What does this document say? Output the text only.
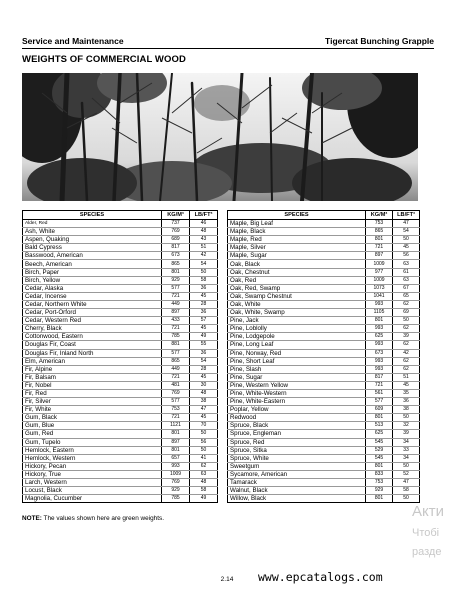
Service and Maintenance	Tigercat Bunching Grapple
WEIGHTS OF COMMERCIAL WOOD
SPECIES	KG/M³	LB/FT³
Alder, Red	737	46
Ash, White	769	48
Aspen, Quaking	689	43
Bald Cypress	817	51
Basswood, American	673	42
Beech, American	865	54
Birch, Paper	801	50
Birch, Yellow	929	58
Cedar, Alaska	577	36
Cedar, Incense	721	45
Cedar, Northern White	449	28
Cedar, Port-Orford	897	36
Cedar, Western Red	433	57
Cherry, Black	721	45
Cottonwood, Eastern	785	49
Douglas Fir, Coast	881	55
Douglas Fir, Inland North	577	36
Elm, American	865	54
Fir, Alpine	449	28
Fir, Balsam	721	45
Fir, Nobel	481	30
Fir, Red	769	48
Fir, Silver	577	38
Fir, White	753	47
Gum, Black	721	45
Gum, Blue	1121	70
Gum, Red	801	50
Gum, Tupelo	897	56
Hemlock, Eastern	801	50
Hemlock, Western	657	41
Hickory, Pecan	993	62
Hickory, True	1009	63
Larch, Western	769	48
Locust, Black	929	58
Magnolia, Cucumber	785	49
SPECIES	KG/M³	LB/FT³
Maple, Big Leaf	753	47
Maple, Black	865	54
Maple, Red	801	50
Maple, Silver	721	45
Maple, Sugar	897	56
Oak, Black	1009	63
Oak, Chestnut	977	61
Oak, Red	1009	63
Oak, Red, Swamp	1073	67
Oak, Swamp Chestnut	1041	65
Oak, White	993	62
Oak, White, Swamp	1105	69
Pine, Jack	801	50
Pine, Loblolly	993	62
Pine, Lodgepole	625	39
Pine, Long Leaf	993	62
Pine, Norway, Red	673	42
Pine, Short Leaf	993	62
Pine, Slash	993	62
Pine, Sugar	817	51
Pine, Western Yellow	721	45
Pine, White-Western	561	35
Pine, White-Eastern	577	36
Poplar, Yellow	609	38
Redwood	801	50
Spruce, Black	513	32
Spruce, Engleman	625	39
Spruce, Red	545	34
Spruce, Sitka	529	33
Spruce, White	545	34
Sweetgum	801	50
Sycamore, American	833	52
Tamarack	753	47
Walnut, Black	929	58
Willow, Black	801	50
NOTE: The values shown here are green weights.	Акти
Чтобі
разде
2.14	www.epcatalogs.com
